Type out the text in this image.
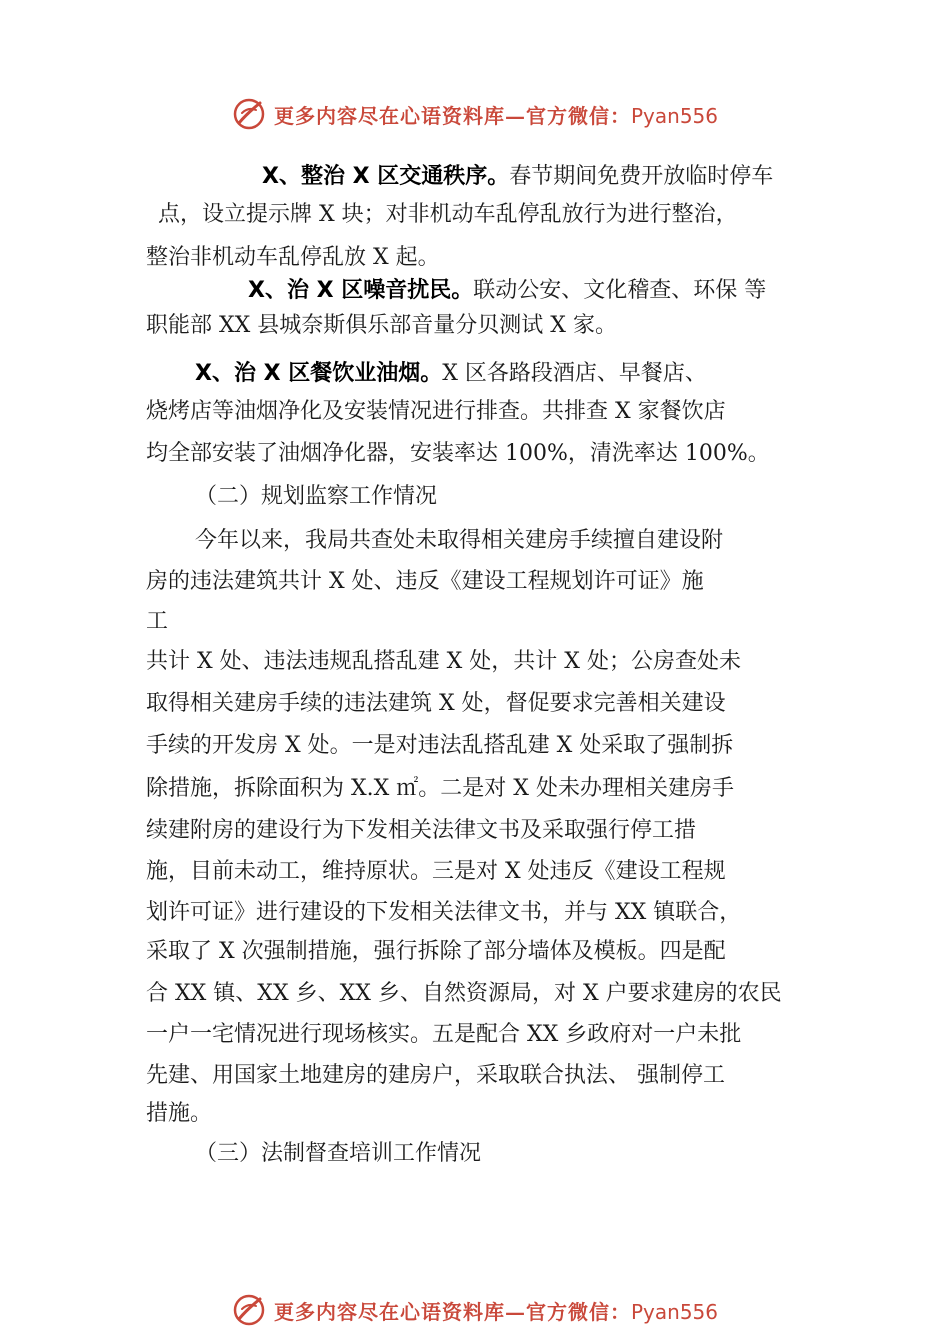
更多内容尽在心语资料库—官方微信：Pyan556
X、整治 X 区交通秩序。春节期间免费开放临时停车
点，设立提示牌 X 块；对非机动车乱停乱放行为进行整治，
整治非机动车乱停乱放 X 起。
X、治 X 区噪音扰民。联动公安、文化稽查、环保 等
职能部 XX 县城奈斯俱乐部音量分贝测试 X 家。
X、治 X 区餐饮业油烟。X 区各路段酒店、早餐店、
烧烤店等油烟净化及安装情况进行排查。共排查 X 家餐饮店
均全部安装了油烟净化器，安装率达 100%，清洗率达 100%。
（二）规划监察工作情况
今年以来，我局共查处未取得相关建房手续擅自建设附
房的违法建筑共计 X 处、违反《建设工程规划许可证》施
工
共计 X 处、违法违规乱搭乱建 X 处，共计 X 处；公房查处未
取得相关建房手续的违法建筑 X 处，督促要求完善相关建设
手续的开发房 X 处。一是对违法乱搭乱建 X 处采取了强制拆
除措施，拆除面积为 X.X ㎡。二是对 X 处未办理相关建房手
续建附房的建设行为下发相关法律文书及采取强行停工措
施，目前未动工，维持原状。三是对 X 处违反《建设工程规
划许可证》进行建设的下发相关法律文书，并与 XX 镇联合，
采取了 X 次强制措施，强行拆除了部分墙体及模板。四是配
合 XX 镇、XX 乡、XX 乡、自然资源局，对 X 户要求建房的农民
一户一宅情况进行现场核实。五是配合 XX 乡政府对一户未批
先建、用国家土地建房的建房户，采取联合执法、 强制停工
措施。
（三）法制督查培训工作情况
更多内容尽在心语资料库—官方微信：Pyan556
